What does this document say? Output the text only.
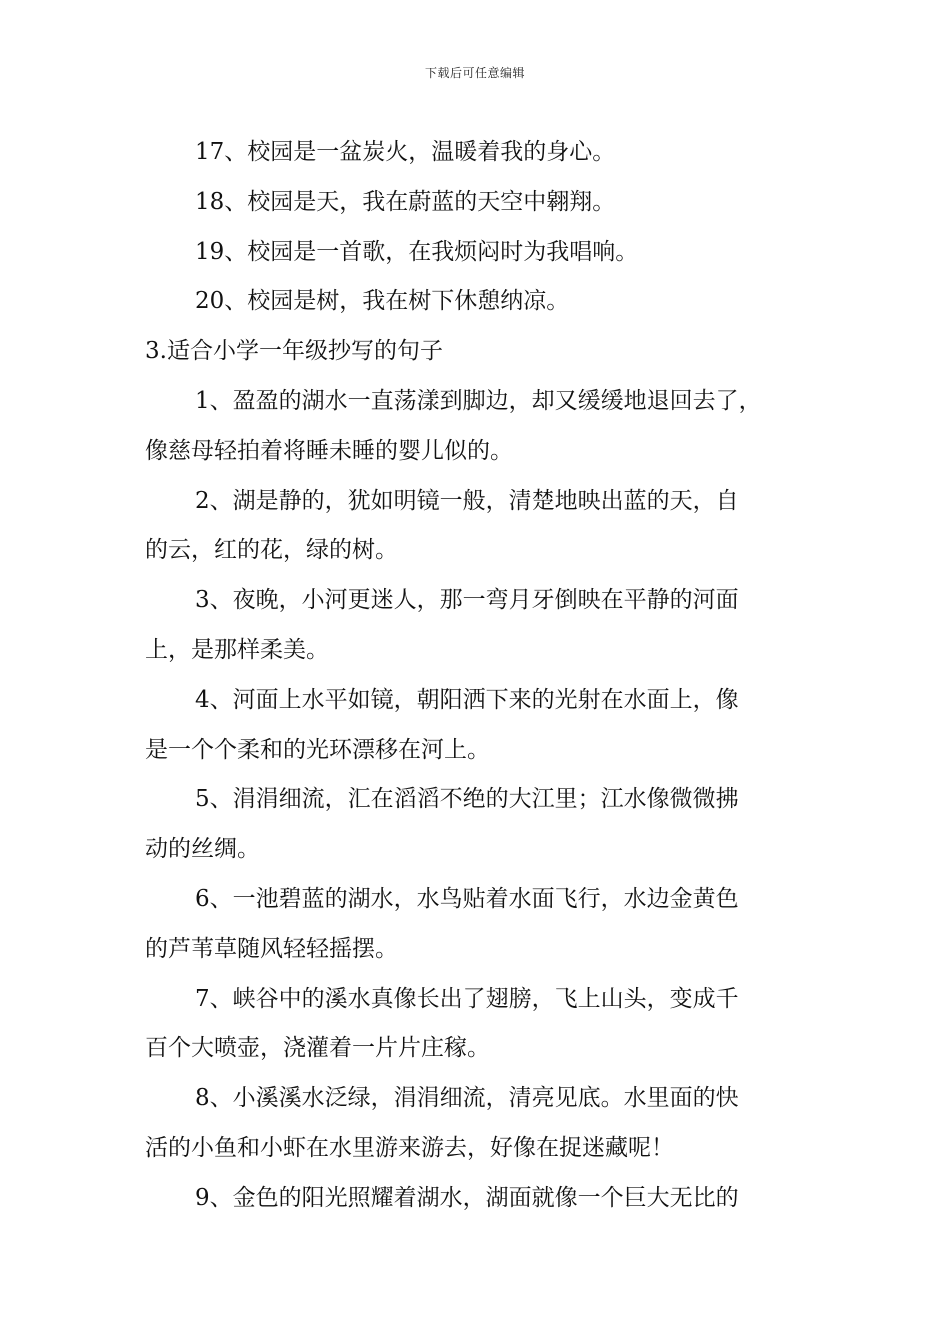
下载后可任意编辑

17、校园是一盆炭火，温暖着我的身心。

18、校园是天，我在蔚蓝的天空中翱翔。

19、校园是一首歌，在我烦闷时为我唱响。

20、校园是树，我在树下休憩纳凉。

3.适合小学一年级抄写的句子

1、盈盈的湖水一直荡漾到脚边，却又缓缓地退回去了，
像慈母轻拍着将睡未睡的婴儿似的。

2、湖是静的，犹如明镜一般，清楚地映出蓝的天，自
的云，红的花，绿的树。

3、夜晚，小河更迷人，那一弯月牙倒映在平静的河面
上，是那样柔美。

4、河面上水平如镜，朝阳洒下来的光射在水面上，像
是一个个柔和的光环漂移在河上。

5、涓涓细流，汇在滔滔不绝的大江里；江水像微微拂
动的丝绸。

6、一池碧蓝的湖水，水鸟贴着水面飞行，水边金黄色
的芦苇草随风轻轻摇摆。

7、峡谷中的溪水真像长出了翅膀，飞上山头，变成千
百个大喷壶，浇灌着一片片庄稼。

8、小溪溪水泛绿，涓涓细流，清亮见底。水里面的快
活的小鱼和小虾在水里游来游去，好像在捉迷藏呢！

9、金色的阳光照耀着湖水，湖面就像一个巨大无比的
